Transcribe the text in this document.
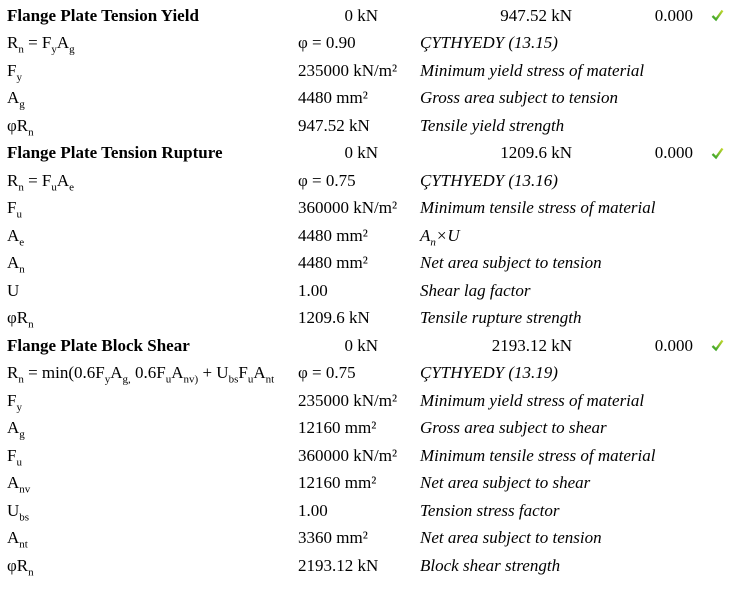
Flange Plate Tension Yield	0 kN	947.52 kN	0.000
$R_n = F_yA_g$	φ = 0.90	ÇYTHYEDY (13.15)
$F_y$	235000 kN/m²	Minimum yield stress of material
$A_g$	4480 mm²	Gross area subject to tension
$\varphi R_n$	947.52 kN	Tensile yield strength
Flange Plate Tension Rupture	0 kN	1209.6 kN	0.000
$R_n = F_uA_e$	φ = 0.75	ÇYTHYEDY (13.16)
$F_u$	360000 kN/m²	Minimum tensile stress of material
$A_e$	4480 mm²	$A_n\times U$
$A_n$	4480 mm²	Net area subject to tension
U	1.00	Shear lag factor
$\varphi R_n$	1209.6 kN	Tensile rupture strength
Flange Plate Block Shear	0 kN	2193.12 kN	0.000
$R_n = \min(0.6F_yA_{g,}$ $0.6F_uA_{nv)} + U_{bs}F_uA_{nt}$	φ = 0.75	ÇYTHYEDY (13.19)
$F_y$	235000 kN/m²	Minimum yield stress of material
$A_g$	12160 mm²	Gross area subject to shear
$F_u$	360000 kN/m²	Minimum tensile stress of material
$A_{nv}$	12160 mm²	Net area subject to shear
$U_{bs}$	1.00	Tension stress factor
$A_{nt}$	3360 mm²	Net area subject to tension
$\varphi R_n$	2193.12 kN	Block shear strength
